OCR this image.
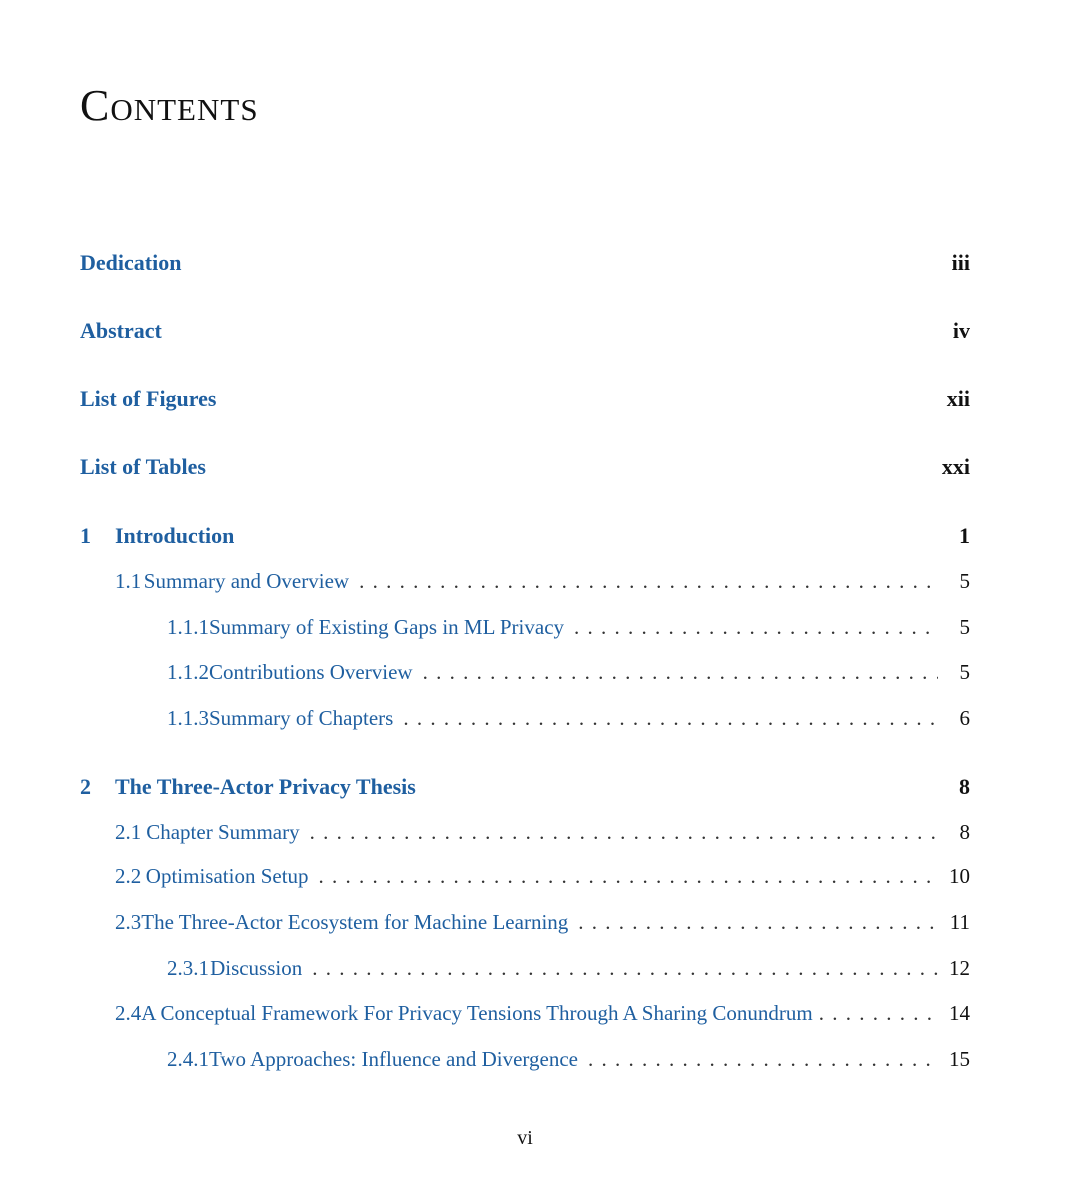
Contents
Dedication	iii
Abstract	iv
List of Figures	xii
List of Tables	xxi
1	Introduction	1
1.1 Summary and Overview . . .	5
1.1.1 Summary of Existing Gaps in ML Privacy . . .	5
1.1.2 Contributions Overview . . .	5
1.1.3 Summary of Chapters . . .	6
2	The Three-Actor Privacy Thesis	8
2.1 Chapter Summary . . .	8
2.2 Optimisation Setup . . .	10
2.3 The Three-Actor Ecosystem for Machine Learning . . .	11
2.3.1 Discussion . . .	12
2.4 A Conceptual Framework For Privacy Tensions Through A Sharing Conundrum . . .	14
2.4.1 Two Approaches: Influence and Divergence . . .	15
vi
